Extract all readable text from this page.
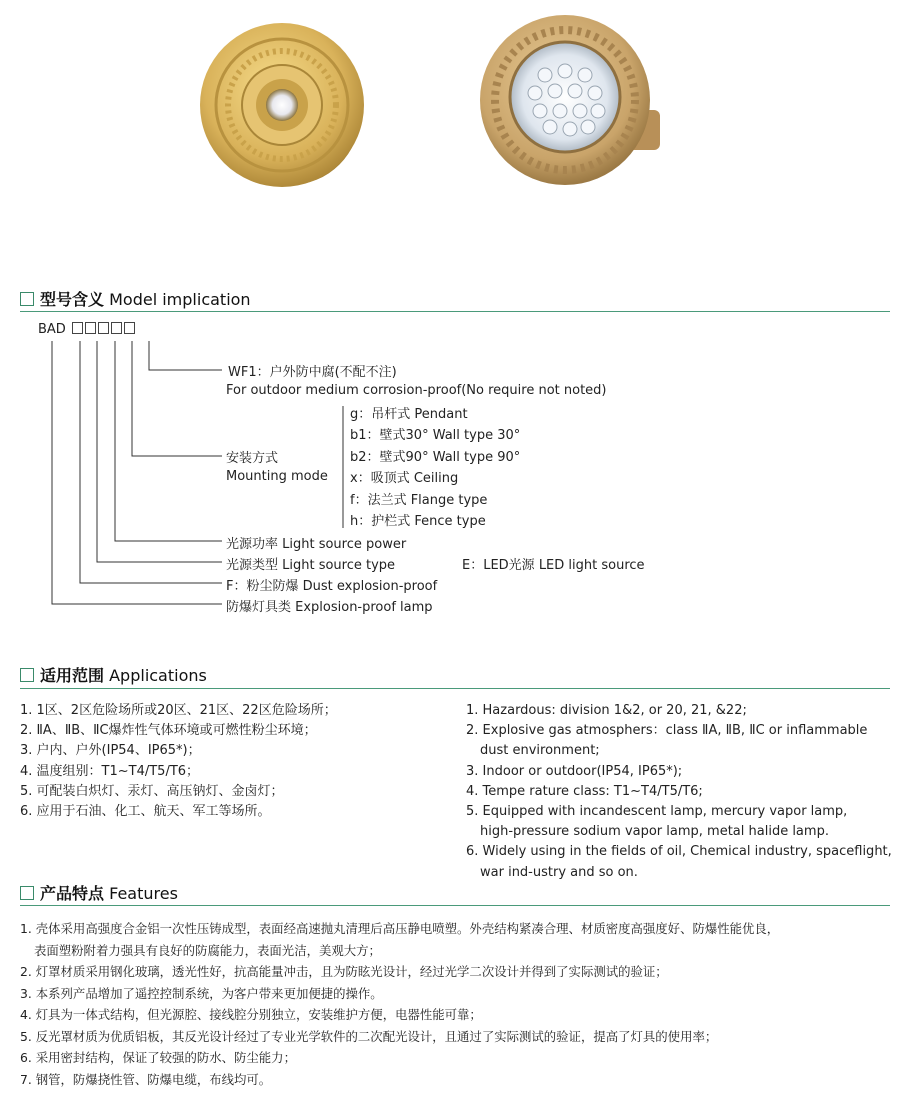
型号含义 Model implication
BAD
WF1：户外防中腐(不配不注)
For outdoor medium corrosion-proof(No require not noted)
安装方式
Mounting mode
g：吊杆式 Pendant
b1：壁式30° Wall type 30°
b2：壁式90° Wall type 90°
x：吸顶式 Ceiling
f：法兰式 Flange type
h：护栏式 Fence type
光源功率 Light source power
光源类型 Light source type	E：LED光源 LED light source
F：粉尘防爆 Dust explosion-proof
防爆灯具类 Explosion-proof lamp
适用范围 Applications
1. 1区、2区危险场所或20区、21区、22区危险场所；
2. ⅡA、ⅡB、ⅡC爆炸性气体环境或可燃性粉尘环境；
3. 户内、户外(IP54、IP65*)；
4. 温度组别：T1~T4/T5/T6；
5. 可配装白炽灯、汞灯、高压钠灯、金卤灯；
6. 应用于石油、化工、航天、军工等场所。
1. Hazardous: division 1&2, or 20, 21, &22;
2. Explosive gas atmosphers：class ⅡA, ⅡB, ⅡC or inflammable
dust environment;
3. Indoor or outdoor(IP54, IP65*);
4. Tempe rature class: T1~T4/T5/T6;
5. Equipped with incandescent lamp, mercury vapor lamp,
high-pressure sodium vapor lamp, metal halide lamp.
6. Widely using in the fields of oil, Chemical industry, spaceflight,
war ind-ustry and so on.
产品特点 Features
1. 壳体采用高强度合金铝一次性压铸成型，表面经高速抛丸清理后高压静电喷塑。外壳结构紧凑合理、材质密度高强度好、防爆性能优良，
表面塑粉附着力强具有良好的防腐能力，表面光洁，美观大方；
2. 灯罩材质采用钢化玻璃，透光性好，抗高能量冲击，且为防眩光设计，经过光学二次设计并得到了实际测试的验证；
3. 本系列产品增加了遥控控制系统，为客户带来更加便捷的操作。
4. 灯具为一体式结构，但光源腔、接线腔分别独立，安装维护方便，电器性能可靠；
5. 反光罩材质为优质铝板，其反光设计经过了专业光学软件的二次配光设计，且通过了实际测试的验证，提高了灯具的使用率；
6. 采用密封结构，保证了较强的防水、防尘能力；
7. 钢管，防爆挠性管、防爆电缆，布线均可。
